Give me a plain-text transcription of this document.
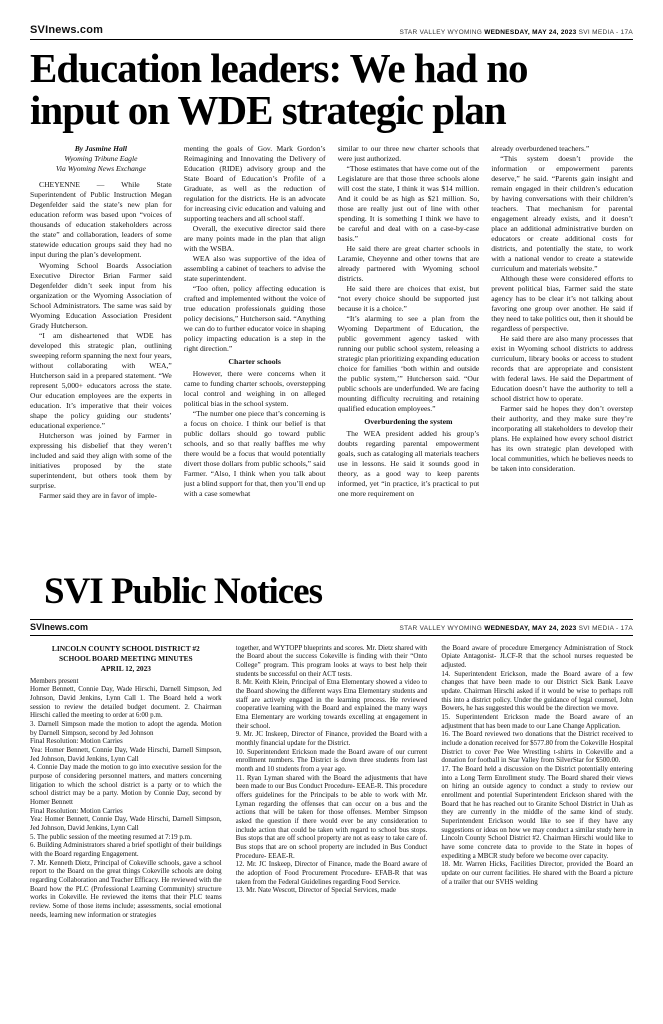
SVInews.com	STAR VALLEY WYOMING WEDNESDAY, MAY 24, 2023 SVI MEDIA - 17A
Education leaders: We had no
input on WDE strategic plan
By Jasmine Hall
Wyoming Tribune Eagle
Via Wyoming News Exchange

CHEYENNE — While State Superintendent of Public Instruction Megan Degenfelder said the state’s new plan for education reform was based upon “voices of thousands of education stakeholders across the state” and collaboration, leaders of some statewide education groups said they had no input during the plan’s development.

Wyoming School Boards Association Executive Director Brian Farmer said Degenfelder didn’t seek input from his organization or the Wyoming Association of School Administrators. The same was said by Wyoming Education Association President Grady Hutcherson.

“I am disheartened that WDE has developed this strategic plan, outlining sweeping reform spanning the next four years, without collaborating with WEA,” Hutcherson said in a prepared statement. “We represent 5,000+ educators across the state. Our education employees are the experts in education. It’s imperative that their voices shape the policy guiding our students’ educational experience.”

Hutcherson was joined by Farmer in expressing his disbelief that they weren’t included and said they align with some of the initiatives proposed by the state superintendent, but others took them by surprise.

Farmer said they are in favor of imple-

menting the goals of Gov. Mark Gordon’s Reimagining and Innovating the Delivery of Education (RIDE) advisory group and the State Board of Education’s Profile of a Graduate, as well as the reduction of regulation for the districts. He is an advocate for increasing civic education and valuing and supporting teachers and all school staff.

Overall, the executive director said there are many points made in the plan that align with the WSBA.

WEA also was supportive of the idea of assembling a cabinet of teachers to advise the state superintendent.

“Too often, policy affecting education is crafted and implemented without the voice of true education professionals guiding those policy decisions,” Hutcherson said. “Anything we can do to further educator voice in shaping policy impacting education is a step in the right direction.”

Charter schools

However, there were concerns when it came to funding charter schools, overstepping local control and weighing in on alleged political bias in the school system.

“The number one piece that’s concerning is a focus on choice. I think our belief is that public dollars should go toward public schools, and so that really baffles me why there would be a focus that would potentially divert those dollars from public schools,” said Farmer. “Also, I think when you talk about just a blind support for that, then you’ll end up with a case somewhat

similar to our three new charter schools that were just authorized.

“Those estimates that have come out of the Legislature are that those three schools alone will cost the state, I think it was $14 million. And it could be as high as $21 million. So, those are really just out of line with other spending. It is something I think we have to be careful and deal with on a case-by-case basis.”

He said there are great charter schools in Laramie, Cheyenne and other towns that are already partnered with Wyoming school districts.

He said there are choices that exist, but “not every choice should be supported just because it is a choice.”

“It’s alarming to see a plan from the Wyoming Department of Education, the public government agency tasked with running our public school system, releasing a strategic plan prioritizing expanding education choice for families ‘both within and outside the public system,’” Hutcherson said. “Our public schools are underfunded. We are facing mounting difficulty recruiting and retaining qualified education employees.”

Overburdening the system

The WEA president added his group’s doubts regarding parental empowerment goals, such as cataloging all materials teachers use in lessons. He said it sounds good in theory, as a good way to keep parents informed, yet “in practice, it’s practical to put one more requirement on

already overburdened teachers.”

“This system doesn’t provide the information or empowerment parents deserve,” he said. “Parents gain insight and remain engaged in their children’s education by having conversations with their children’s teachers. That mechanism for parental engagement already exists, and it doesn’t place an additional administrative burden on educators or create additional costs for districts, and potentially the state, to work with a national vendor to create a statewide curriculum and materials website.”

Although these were considered efforts to prevent political bias, Farmer said the state agency has to be clear it’s not talking about favoring one group over another. He said if they need to take politics out, then it should be regardless of perspective.

He said there are also many processes that exist in Wyoming school districts to address curriculum, library books or access to student records that are appropriate and consistent with federal laws. He said the Department of Education doesn’t have the authority to tell a school district how to operate.

Farmer said he hopes they don’t overstep their authority, and they make sure they’re incorporating all stakeholders to develop their plans. He explained how every school district has its own strategic plan developed with local communities, which he believes needs to be taken into consideration.

SVI Public Notices
SVInews.com	STAR VALLEY WYOMING WEDNESDAY, MAY 24, 2023 SVI MEDIA - 17A
LINCOLN COUNTY SCHOOL DISTRICT #2
SCHOOL BOARD MEETING MINUTES
APRIL 12, 2023

Members present

Homer Bennett, Connie Day, Wade Hirschi, Darnell Simpson, Jed Johnson, David Jenkins, Lynn Call 1. The Board held a work session to review the detailed budget document. 2. Chairman Hirschi called the meeting to order at 6:00 p.m.

3. Darnell Simpson made the motion to adopt the agenda. Motion by Darnell Simpson, second by Jed Johnson

Final Resolution: Motion Carries

Yea: Homer Bennett, Connie Day, Wade Hirschi, Darnell Simpson, Jed Johnson, David Jenkins, Lynn Call

4. Connie Day made the motion to go into executive session for the purpose of considering personnel matters, and matters concerning litigation to which the school district is a party or to which the school district may be a party. Motion by Connie Day, second by Homer Bennett

Final Resolution: Motion Carries

Yea: Homer Bennett, Connie Day, Wade Hirschi, Darnell Simpson, Jed Johnson, David Jenkins, Lynn Call

5. The public session of the meeting resumed at 7:19 p.m.

6. Building Administrators shared a brief spotlight of their buildings with the Board regarding Engagement.

7. Mr. Kenneth Dietz, Principal of Cokeville schools, gave a school report to the Board on the great things Cokeville schools are doing regarding Collaboration and Teacher Efficacy. He reviewed with the Board how the PLC (Professional Learning Community) structure works in Cokeville. He reviewed the items that their PLC teams review. Some of those items include; assessments, social emotional needs, learning new information or strategies

together, and WYTOPP blueprints and scores. Mr. Dietz shared with the Board about the success Cokeville is finding with their “Onto College” program. This program looks at ways to best help their students be successful on their ACT tests.

8. Mr. Keith Klein, Principal of Etna Elementary showed a video to the Board showing the different ways Etna Elementary students and staff are actively engaged in the learning process. He reviewed cooperative learning with the Board and explained the many ways Etna Elementary are working towards excelling at engagement in their school.

9. Mr. JC Inskeep, Director of Finance, provided the Board with a monthly financial update for the District.

10. Superintendent Erickson made the Board aware of our current enrollment numbers. The District is down three students from last month and 10 students from a year ago.

11. Ryan Lyman shared with the Board the adjustments that have been made to our Bus Conduct Procedure- EEAE-R. This procedure offers guidelines for the Principals to be able to work with Mr. Lyman regarding the offenses that can occur on a bus and the actions that will be taken for those offenses. Member Simpson asked the question if there would ever be any consideration to include action that could be taken with regard to school bus stops. Bus stops that are off school property are not as easy to take care of. Bus stops that are on school property are included in Bus Conduct Procedure- EEAE-R.

12. Mr. JC Inskeep, Director of Finance, made the Board aware of the adoption of Food Procurement Procedure- EFAB-R that was taken from the Federal Guidelines regarding Food Service.

13. Mr. Nate Wescott, Director of Special Services, made

the Board aware of procedure Emergency Administration of Stock Opiate Antagonist- JLCF-R that the school nurses requested be adjusted.

14. Superintendent Erickson, made the Board aware of a few changes that have been made to our District Sick Bank Leave update. Chairman Hirschi asked if it would be wise to perhaps roll this into a district policy. Under the guidance of legal counsel, John Bowers, he has suggested this would be the direction we move.

15. Superintendent Erickson made the Board aware of an adjustment that has been made to our Lane Change Application.

16. The Board reviewed two donations that the District received to include a donation received for $577.80 from the Cokeville Hospital District to cover Pee Wee Wrestling t-shirts in Cokeville and a donation for football in Star Valley from SilverStar for $500.00.

17. The Board held a discussion on the District potentially entering into a Long Term Enrollment study. The Board shared their views on hiring an outside agency to conduct a study to review our enrollment and potential Superintendent Erickson shared with the Board that he has reached out to Granite School District in Utah as they are currently in the middle of the same kind of study. Superintendent Erickson would like to see if they have any suggestions or ideas on how we may conduct a similar study here in Lincoln County School District #2. Chairman Hirschi would like to have some concrete data to provide to the State in hopes of expediting a MBCR study before we become over capacity.

18. Mr. Warren Hicks, Facilities Director, provided the Board an update on our current facilities. He shared with the Board a picture of a trailer that our SVHS welding
